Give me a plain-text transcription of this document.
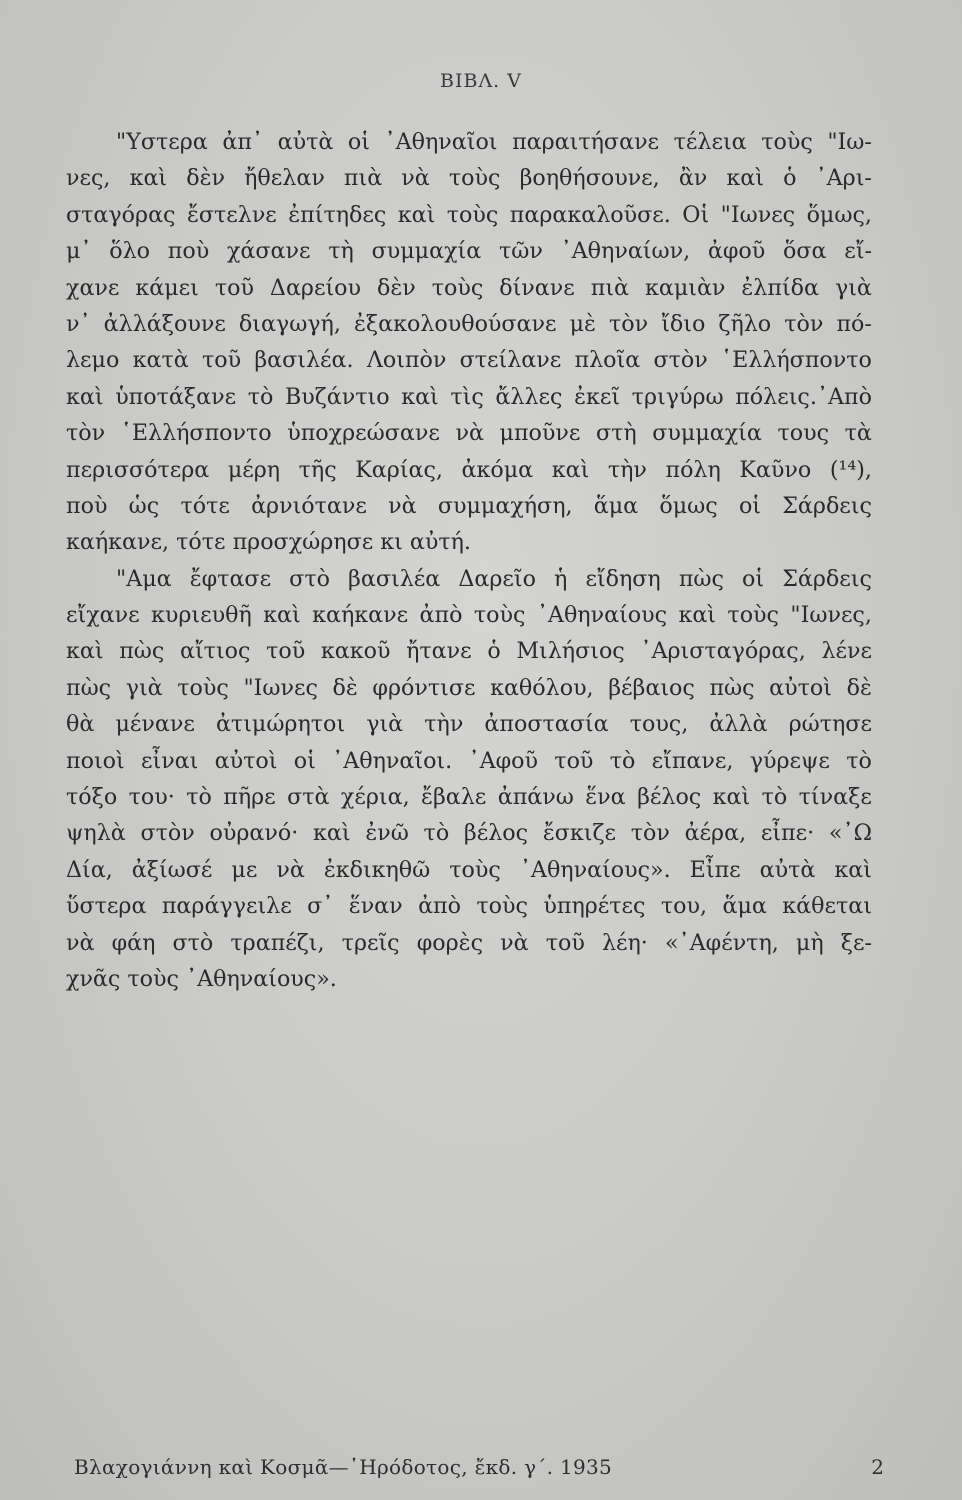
ΒΙΒΛ. V
"Υστερα ἀπ᾽ αὐτὰ οἱ ᾽Αθηναῖοι παραιτήσανε τέλεια τοὺς "Ιω-
νες, καὶ δὲν ἤθελαν πιὰ νὰ τοὺς βοηθήσουνε, ἂν καὶ ὁ ᾽Αρι-
σταγόρας ἔστελνε ἐπίτηδες καὶ τοὺς παρακαλοῦσε. Οἱ "Ιωνες ὅμως,
μ᾽ ὅλο ποὺ χάσανε τὴ συμμαχία τῶν ᾽Αθηναίων, ἀφοῦ ὅσα εἴ-
χανε κάμει τοῦ Δαρείου δὲν τοὺς δίνανε πιὰ καμιὰν ἐλπίδα γιὰ
ν᾽ ἀλλάξουνε διαγωγή, ἐξακολουθούσανε μὲ τὸν ἴδιο ζῆλο τὸν πό-
λεμο κατὰ τοῦ βασιλέα. Λοιπὸν στείλανε πλοῖα στὸν ῾Ελλήσποντο
καὶ ὑποτάξανε τὸ Βυζάντιο καὶ τὶς ἄλλες ἐκεῖ τριγύρω πόλεις.᾽Απὸ
τὸν ῾Ελλήσποντο ὑποχρεώσανε νὰ μποῦνε στὴ συμμαχία τους τὰ
περισσότερα μέρη τῆς Καρίας, ἀκόμα καὶ τὴν πόλη Καῦνο (¹⁴),
ποὺ ὡς τότε ἀρνιότανε νὰ συμμαχήση, ἅμα ὅμως οἱ Σάρδεις
καήκανε, τότε προσχώρησε κι αὐτή.
"Αμα ἔφτασε στὸ βασιλέα Δαρεῖο ἡ εἴδηση πὼς οἱ Σάρδεις
εἴχανε κυριευθῆ καὶ καήκανε ἀπὸ τοὺς ᾽Αθηναίους καὶ τοὺς "Ιωνες,
καὶ πὼς αἴτιος τοῦ κακοῦ ἤτανε ὁ Μιλήσιος ᾽Αρισταγόρας, λένε
πὼς γιὰ τοὺς "Ιωνες δὲ φρόντισε καθόλου, βέβαιος πὼς αὐτοὶ δὲ
θὰ μένανε ἀτιμώρητοι γιὰ τὴν ἀποστασία τους, ἀλλὰ ρώτησε
ποιοὶ εἶναι αὐτοὶ οἱ ᾽Αθηναῖοι. ᾽Αφοῦ τοῦ τὸ εἴπανε, γύρεψε τὸ
τόξο του· τὸ πῆρε στὰ χέρια, ἔβαλε ἀπάνω ἕνα βέλος καὶ τὸ τίναξε
ψηλὰ στὸν οὐρανό· καὶ ἐνῶ τὸ βέλος ἔσκιζε τὸν ἀέρα, εἶπε· «᾽Ω
Δία, ἀξίωσέ με νὰ ἐκδικηθῶ τοὺς ᾽Αθηναίους». Εἶπε αὐτὰ καὶ
ὕστερα παράγγειλε σ᾽ ἕναν ἀπὸ τοὺς ὑπηρέτες του, ἅμα κάθεται
νὰ φάη στὸ τραπέζι, τρεῖς φορὲς νὰ τοῦ λέη· «᾽Αφέντη, μὴ ξε-
χνᾶς τοὺς ᾽Αθηναίους».
Βλαχογιάννη καὶ Κοσμᾶ—῾Ηρόδοτος, ἔκδ. γ΄. 1935	2
